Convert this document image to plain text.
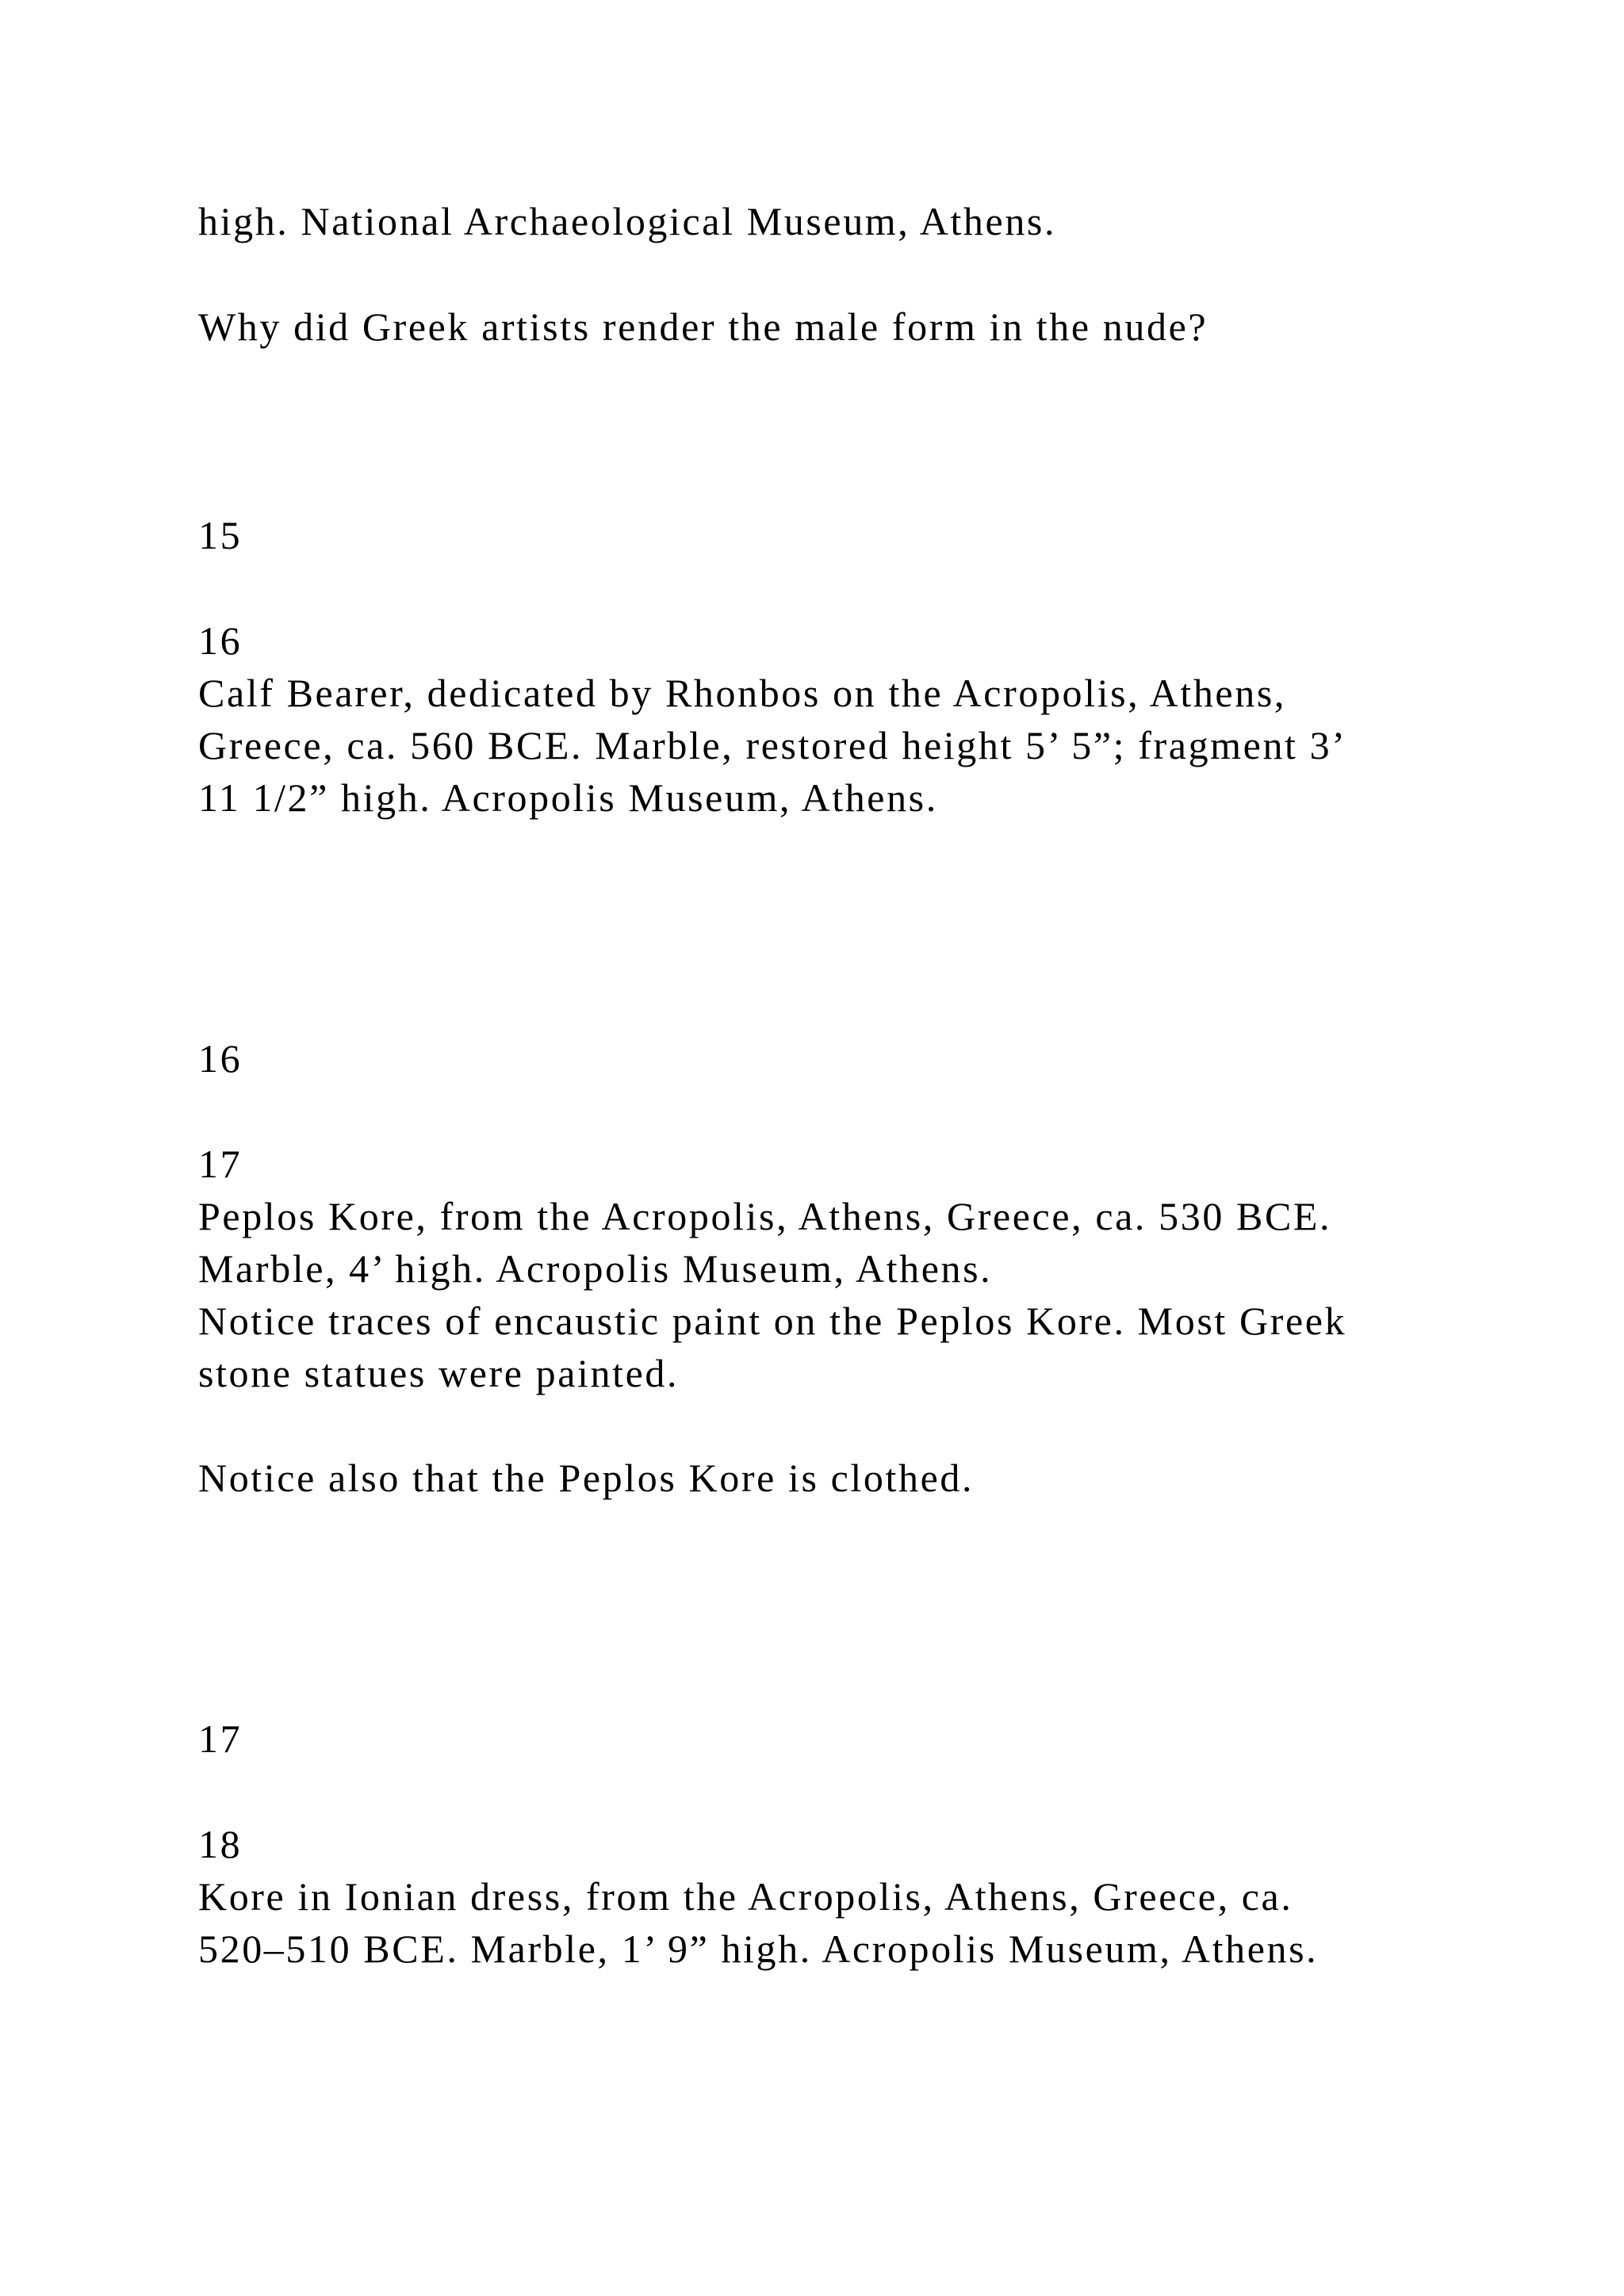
high. National Archaeological Museum, Athens.

Why did Greek artists render the male form in the nude?

15

16

Calf Bearer, dedicated by Rhonbos on the Acropolis, Athens,

Greece, ca. 560 BCE. Marble, restored height 5’ 5”; fragment 3’

11 1/2” high. Acropolis Museum, Athens.

16

17

Peplos Kore, from the Acropolis, Athens, Greece, ca. 530 BCE.

Marble, 4’ high. Acropolis Museum, Athens.

Notice traces of encaustic paint on the Peplos Kore. Most Greek

stone statues were painted.

Notice also that the Peplos Kore is clothed.

17

18

Kore in Ionian dress, from the Acropolis, Athens, Greece, ca.

520–510 BCE. Marble, 1’ 9” high. Acropolis Museum, Athens.
